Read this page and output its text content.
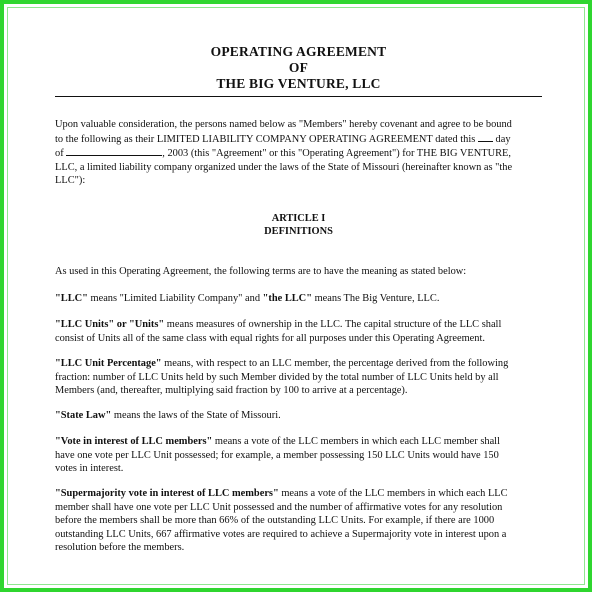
OPERATING AGREEMENT
OF
THE BIG VENTURE, LLC
Upon valuable consideration, the persons named below as "Members" hereby covenant and agree to be bound
to the following as their LIMITED LIABILITY COMPANY OPERATING AGREEMENT dated this day
of	, 2003 (this "Agreement" or this "Operating Agreement") for THE BIG VENTURE,
LLC, a limited liability company organized under the laws of the State of Missouri (hereinafter known as "the
LLC"):
ARTICLE I
DEFINITIONS
As used in this Operating Agreement, the following terms are to have the meaning as stated below:
"LLC" means "Limited Liability Company" and "the LLC" means The Big Venture, LLC.
"LLC Units" or "Units" means measures of ownership in the LLC. The capital structure of the LLC shall
consist of Units all of the same class with equal rights for all purposes under this Operating Agreement.
"LLC Unit Percentage" means, with respect to an LLC member, the percentage derived from the following
fraction: number of LLC Units held by such Member divided by the total number of LLC Units held by all
Members (and, thereafter, multiplying said fraction by 100 to arrive at a percentage).
"State Law" means the laws of the State of Missouri.
"Vote in interest of LLC members" means a vote of the LLC members in which each LLC member shall
have one vote per LLC Unit possessed; for example, a member possessing 150 LLC Units would have 150
votes in interest.
"Supermajority vote in interest of LLC members" means a vote of the LLC members in which each LLC
member shall have one vote per LLC Unit possessed and the number of affirmative votes for any resolution
before the members shall be more than 66% of the outstanding LLC Units. For example, if there are 1000
outstanding LLC Units, 667 affirmative votes are required to achieve a Supermajority vote in interest upon a
resolution before the members.
